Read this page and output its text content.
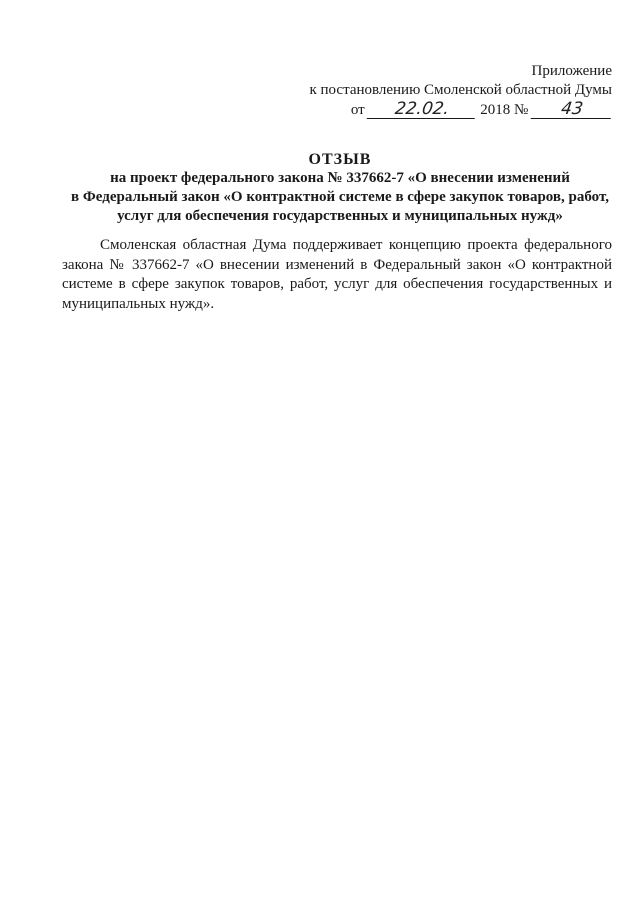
Приложение
к постановлению Смоленской областной Думы
от 22.02. 2018 № 43
ОТЗЫВ
на проект федерального закона № 337662-7 «О внесении изменений
в Федеральный закон «О контрактной системе в сфере закупок товаров, работ,
услуг для обеспечения государственных и муниципальных нужд»
Смоленская областная Дума поддерживает концепцию проекта федерального закона № 337662-7 «О внесении изменений в Федеральный закон «О контрактной системе в сфере закупок товаров, работ, услуг для обеспечения государственных и муниципальных нужд».
